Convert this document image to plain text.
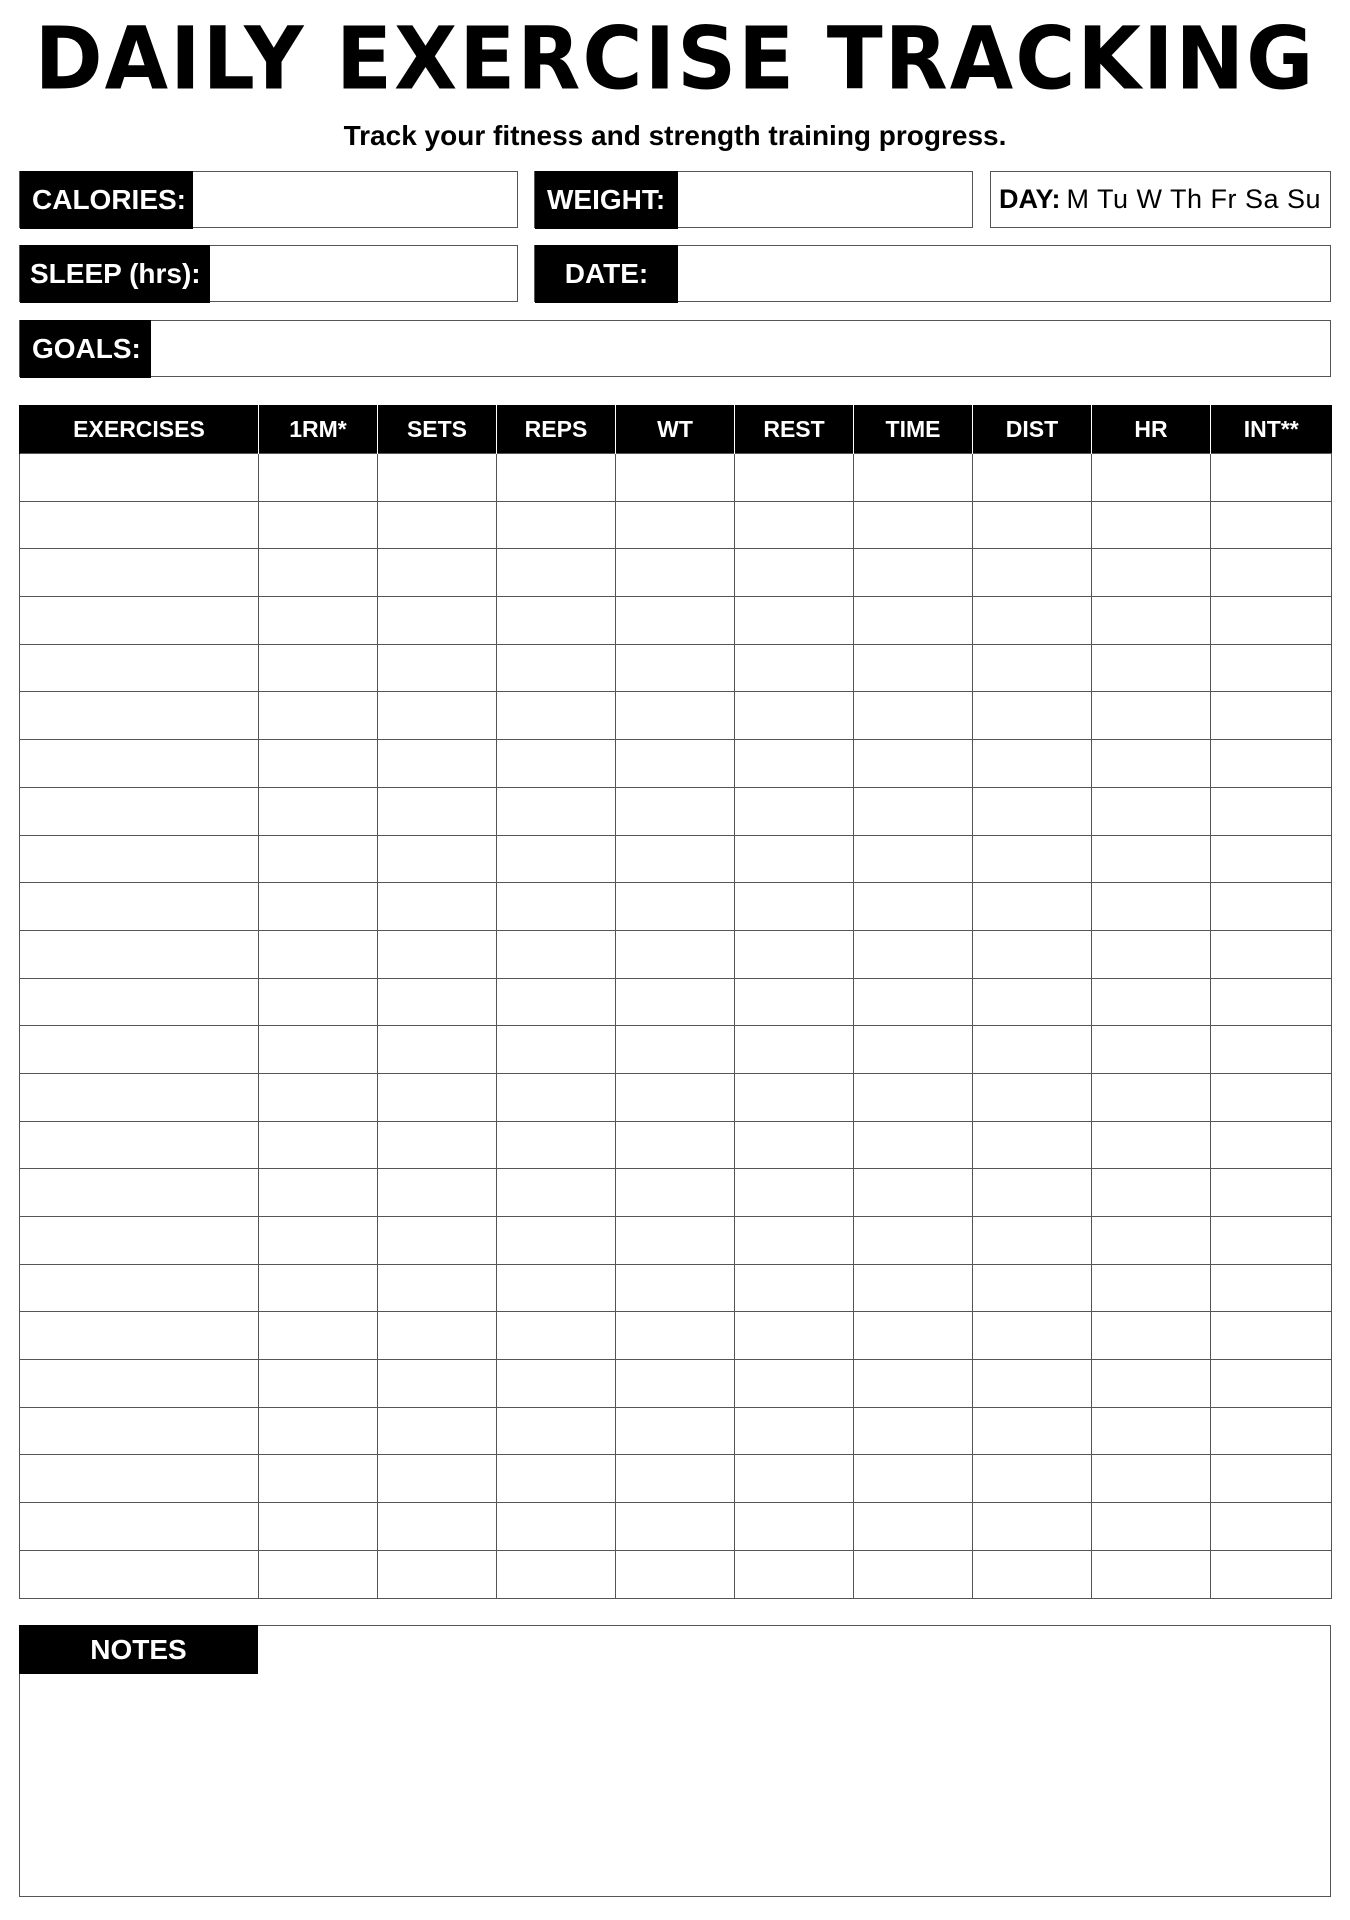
DAILY EXERCISE TRACKING
Track your fitness and strength training progress.
CALORIES:	WEIGHT:	DAY: M Tu W Th Fr Sa Su
SLEEP (hrs):	DATE:
GOALS:
EXERCISES	1RM*	SETS	REPS	WT	REST	TIME	DIST	HR	INT**

NOTES
